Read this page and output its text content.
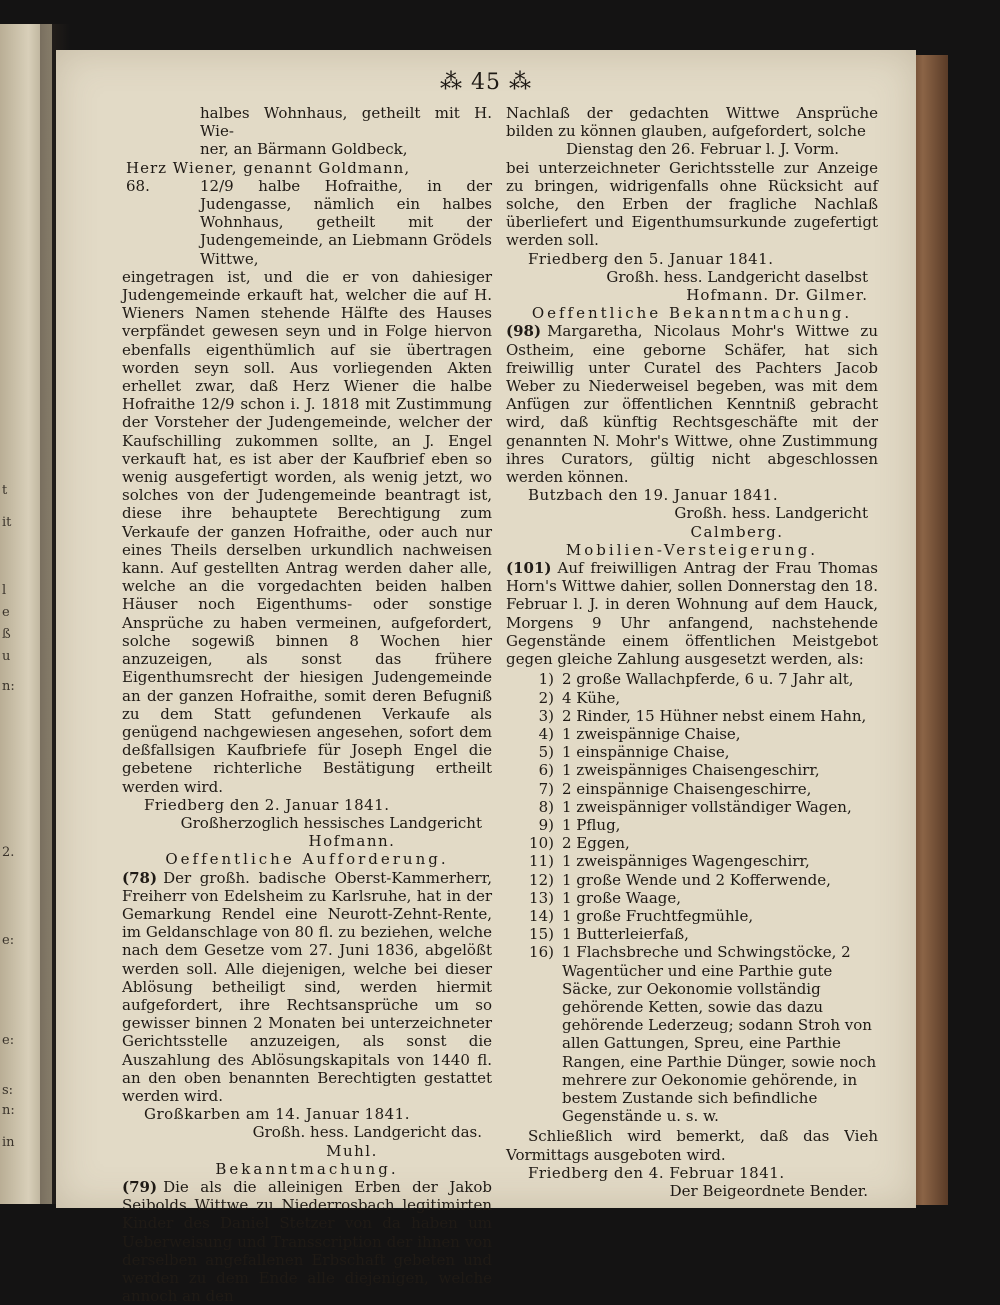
t
it
l
e
ß
u
n:
2.
e:
e:
s:
n:
in
⁂ 45 ⁂

halbes Wohnhaus, getheilt mit H. Wie-

ner, an Bärmann Goldbeck,

Herz Wiener, genannt Goldmann,

68.	12/9 halbe Hofraithe, in der Judengasse, nämlich ein halbes Wohnhaus, getheilt mit der Judengemeinde, an Liebmann Grödels Wittwe,

eingetragen ist, und die er von dahiesiger Judengemeinde erkauft hat, welcher die auf H. Wieners Namen stehende Hälfte des Hauses verpfändet gewesen seyn und in Folge hiervon ebenfalls eigenthümlich auf sie übertragen worden seyn soll. Aus vorliegenden Akten erhellet zwar, daß Herz Wiener die halbe Hofraithe 12/9 schon i. J. 1818 mit Zustimmung der Vorsteher der Judengemeinde, welcher der Kaufschilling zukommen sollte, an J. Engel verkauft hat, es ist aber der Kaufbrief eben so wenig ausgefertigt worden, als wenig jetzt, wo solches von der Judengemeinde beantragt ist, diese ihre behauptete Berechtigung zum Verkaufe der ganzen Hofraithe, oder auch nur eines Theils derselben urkundlich nachweisen kann. Auf gestellten Antrag werden daher alle, welche an die vorgedachten beiden halben Häuser noch Eigenthums- oder sonstige Ansprüche zu haben vermeinen, aufgefordert, solche sogewiß binnen 8 Wochen hier anzuzeigen, als sonst das frühere Eigenthumsrecht der hiesigen Judengemeinde an der ganzen Hofraithe, somit deren Befugniß zu dem Statt gefundenen Verkaufe als genügend nachgewiesen angesehen, sofort dem deßfallsigen Kaufbriefe für Joseph Engel die gebetene richterliche Bestätigung ertheilt werden wird.

Friedberg den 2. Januar 1841.

Großherzoglich hessisches Landgericht

Hofmann.

Oeffentliche Aufforderung.

(78) Der großh. badische Oberst-Kammerherr, Freiherr von Edelsheim zu Karlsruhe, hat in der Gemarkung Rendel eine Neurott-Zehnt-Rente, im Geldanschlage von 80 fl. zu beziehen, welche nach dem Gesetze vom 27. Juni 1836, abgelößt werden soll. Alle diejenigen, welche bei dieser Ablösung betheiligt sind, werden hiermit aufgefordert, ihre Rechtsansprüche um so gewisser binnen 2 Monaten bei unterzeichneter Gerichtsstelle anzuzeigen, als sonst die Auszahlung des Ablösungskapitals von 1440 fl. an den oben benannten Berechtigten gestattet werden wird.

Großkarben am 14. Januar 1841.

Großh. hess. Landgericht das.

Muhl.

Bekanntmachung.

(79) Die als die alleinigen Erben der Jakob Seibolds Wittwe zu Niederrosbach legitimirten Kinder des Daniel Stetzer von da haben um Ueberweisung und Transscription der ihnen von derselben angefallenen Erbschaft gebeten und werden zu dem Ende alle diejenigen, welche annoch an den

Nachlaß der gedachten Wittwe Ansprüche bilden zu können glauben, aufgefordert, solche

Dienstag den 26. Februar l. J. Vorm.

bei unterzeichneter Gerichtsstelle zur Anzeige zu bringen, widrigenfalls ohne Rücksicht auf solche, den Erben der fragliche Nachlaß überliefert und Eigenthumsurkunde zugefertigt werden soll.

Friedberg den 5. Januar 1841.

Großh. hess. Landgericht daselbst

Hofmann. Dr. Gilmer.

Oeffentliche Bekanntmachung.

(98) Margaretha, Nicolaus Mohr's Wittwe zu Ostheim, eine geborne Schäfer, hat sich freiwillig unter Curatel des Pachters Jacob Weber zu Niederweisel begeben, was mit dem Anfügen zur öffentlichen Kenntniß gebracht wird, daß künftig Rechtsgeschäfte mit der genannten N. Mohr's Wittwe, ohne Zustimmung ihres Curators, gültig nicht abgeschlossen werden können.

Butzbach den 19. Januar 1841.

Großh. hess. Landgericht

Calmberg.

Mobilien-Versteigerung.

(101) Auf freiwilligen Antrag der Frau Thomas Horn's Wittwe dahier, sollen Donnerstag den 18. Februar l. J. in deren Wohnung auf dem Hauck, Morgens 9 Uhr anfangend, nachstehende Gegenstände einem öffentlichen Meistgebot gegen gleiche Zahlung ausgesetzt werden, als:

1) 2 große Wallachpferde, 6 u. 7 Jahr alt,
2) 4 Kühe,
3) 2 Rinder, 15 Hühner nebst einem Hahn,
4) 1 zweispännige Chaise,
5) 1 einspännige Chaise,
6) 1 zweispänniges Chaisengeschirr,
7) 2 einspännige Chaisengeschirre,
8) 1 zweispänniger vollständiger Wagen,
9) 1 Pflug,
10) 2 Eggen,
11) 1 zweispänniges Wagengeschirr,
12) 1 große Wende und 2 Kofferwende,
13) 1 große Waage,
14) 1 große Fruchtfegmühle,
15) 1 Butterleierfaß,
16) 1 Flachsbreche und Schwingstöcke, 2 Wagentücher und eine Parthie gute Säcke, zur Oekonomie vollständig gehörende Ketten, sowie das dazu gehörende Lederzeug; sodann Stroh von allen Gattungen, Spreu, eine Parthie Rangen, eine Parthie Dünger, sowie noch mehrere zur Oekonomie gehörende, in bestem Zustande sich befindliche Gegenstände u. s. w.

Schließlich wird bemerkt, daß das Vieh Vormittags ausgeboten wird.

Friedberg den 4. Februar 1841.

Der Beigeordnete Bender.
